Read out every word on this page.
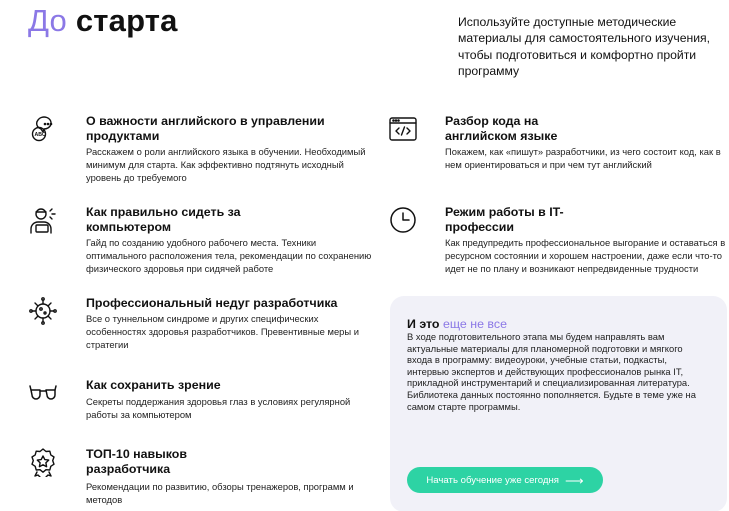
До старта	Используйте доступные методические материалы для самостоятельного изучения, чтобы подготовиться и комфортно пройти программу
ABC
О важности английского в управлении продуктами

Расскажем о роли английского языка в обучении. Необходимый минимум для старта. Как эффективно подтянуть исходный уровень до требуемого

Как правильно сидеть за компьютером

Гайд по созданию удобного рабочего места. Техники оптимального расположения тела, рекомендации по сохранению физического здоровья при сидячей работе

Профессиональный недуг разработчика

Все о туннельном синдроме и других специфических особенностях здоровья разработчиков. Превентивные меры и стратегии

Как сохранить зрение

Секреты поддержания здоровья глаз в условиях регулярной работы за компьютером

ТОП-10 навыков разработчика

Рекомендации по развитию, обзоры тренажеров, программ и методов

Разбор кода на английском языке

Покажем, как «пишут» разработчики, из чего состоит код, как в нем ориентироваться и при чем тут английский

Режим работы в IT-профессии

Как предупредить профессиональное выгорание и оставаться в ресурсном состоянии и хорошем настроении, даже если что-то идет не по плану и возникают непредвиденные трудности

И это еще не все
В ходе подготовительного этапа мы будем направлять вам актуальные материалы для планомерной подготовки и мягкого входа в программу: видеоуроки, учебные статьи, подкасты, интервью экспертов и действующих профессионалов рынка IT, прикладной инструментарий и специализированная литература. Библиотека данных постоянно пополняется. Будьте в теме уже на самом старте программы.
Начать обучение уже сегодня ⟶
